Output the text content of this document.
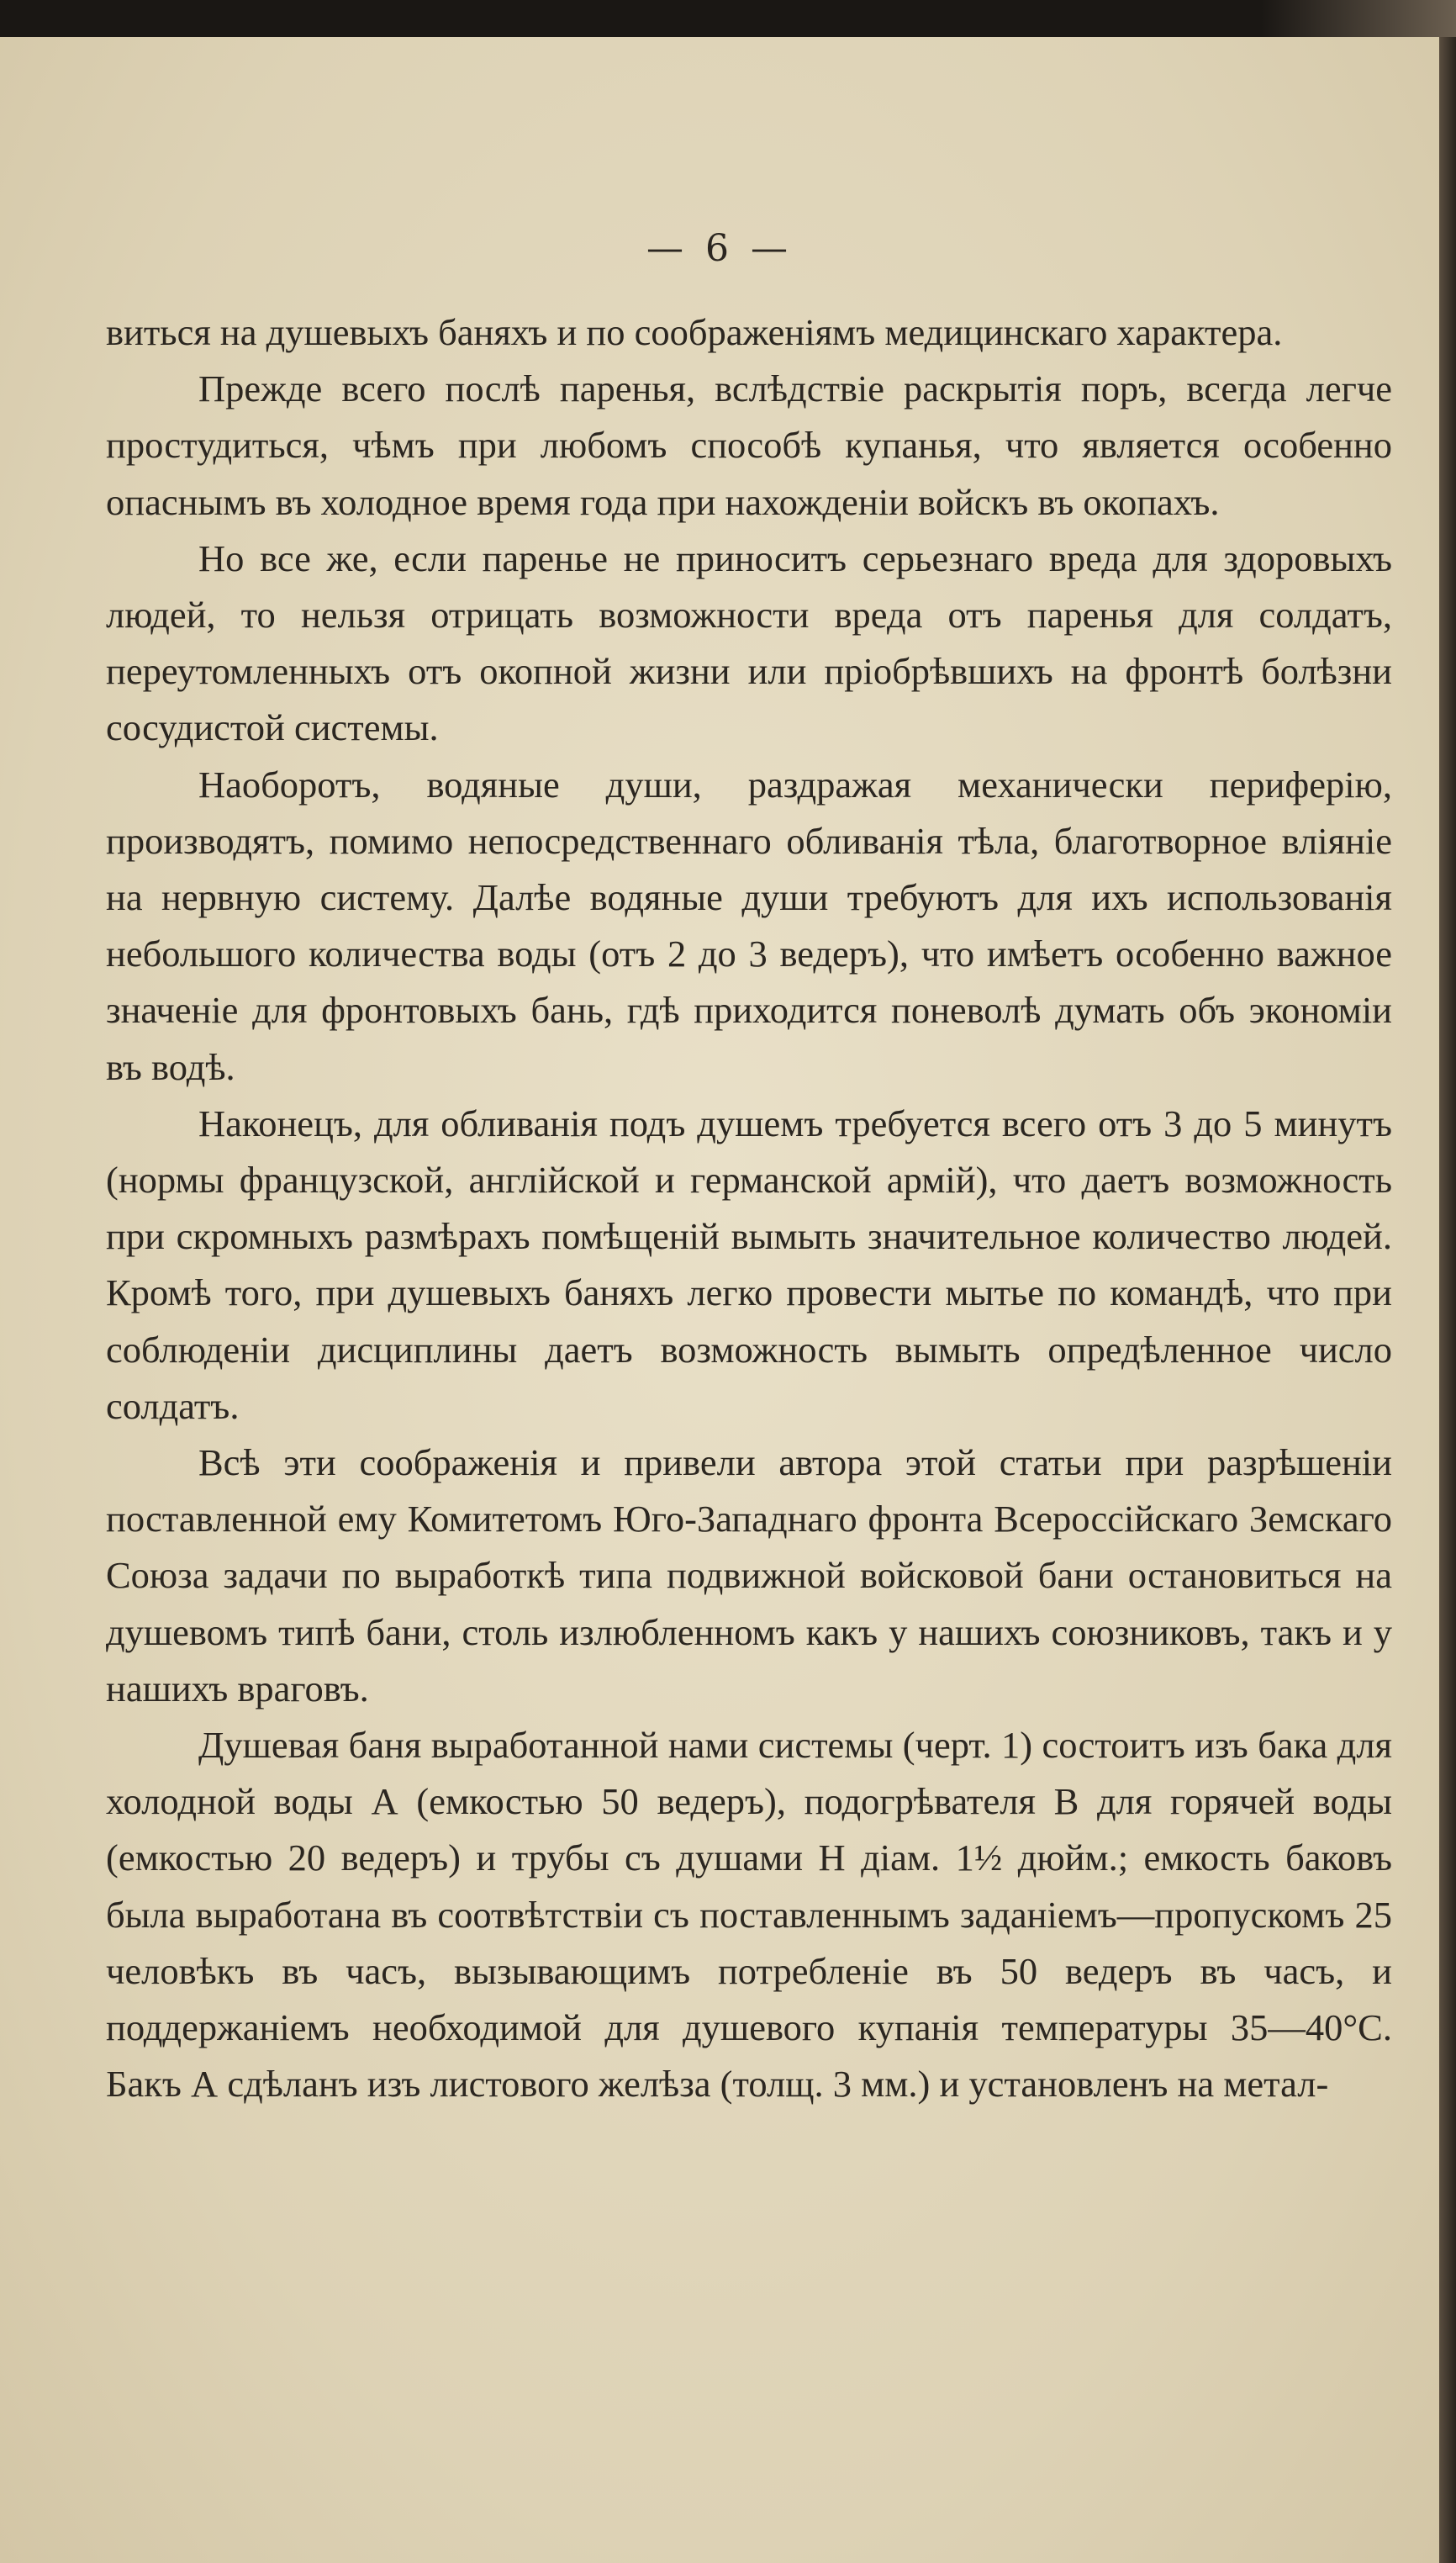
— 6 —

виться на душевыхъ баняхъ и по соображеніямъ медицинскаго характера.

Прежде всего послѣ паренья, вслѣдствіе раскрытія поръ, всегда легче простудиться, чѣмъ при любомъ способѣ купанья, что является особенно опаснымъ въ холодное время года при нахожденіи войскъ въ окопахъ.

Но все же, если паренье не приноситъ серьезнаго вреда для здоровыхъ людей, то нельзя отрицать возможности вреда отъ паренья для солдатъ, переутомленныхъ отъ окопной жизни или пріобрѣвшихъ на фронтѣ болѣзни сосудистой системы.

Наоборотъ, водяные души, раздражая механически периферію, производятъ, помимо непосредственнаго обливанія тѣла, благотворное вліяніе на нервную систему. Далѣе водяные души требуютъ для ихъ использованія небольшого количества воды (отъ 2 до 3 ведеръ), что имѣетъ особенно важное значеніе для фронтовыхъ бань, гдѣ приходится поневолѣ думать объ экономіи въ водѣ.

Наконецъ, для обливанія подъ душемъ требуется всего отъ 3 до 5 минутъ (нормы французской, англійской и германской армій), что даетъ возможность при скромныхъ размѣрахъ помѣщеній вымыть значительное количество людей. Кромѣ того, при душевыхъ баняхъ легко провести мытье по командѣ, что при соблюденіи дисциплины даетъ возможность вымыть опредѣленное число солдатъ.

Всѣ эти соображенія и привели автора этой статьи при разрѣшеніи поставленной ему Комитетомъ Юго-Западнаго фронта Всероссійскаго Земскаго Союза задачи по выработкѣ типа подвижной войсковой бани остановиться на душевомъ типѣ бани, столь излюбленномъ какъ у нашихъ союзниковъ, такъ и у нашихъ враговъ.

Душевая баня выработанной нами системы (черт. 1) состоитъ изъ бака для холодной воды А (емкостью 50 ведеръ), подогрѣвателя В для горячей воды (емкостью 20 ведеръ) и трубы съ душами Н діам. 1½ дюйм.; емкость баковъ была выработана въ соотвѣтствіи съ поставленнымъ заданіемъ—пропускомъ 25 человѣкъ въ часъ, вызывающимъ потребленіе въ 50 ведеръ въ часъ, и поддержаніемъ необходимой для душевого купанія температуры 35—40°С. Бакъ А сдѣланъ изъ листового желѣза (толщ. 3 мм.) и установленъ на метал-
